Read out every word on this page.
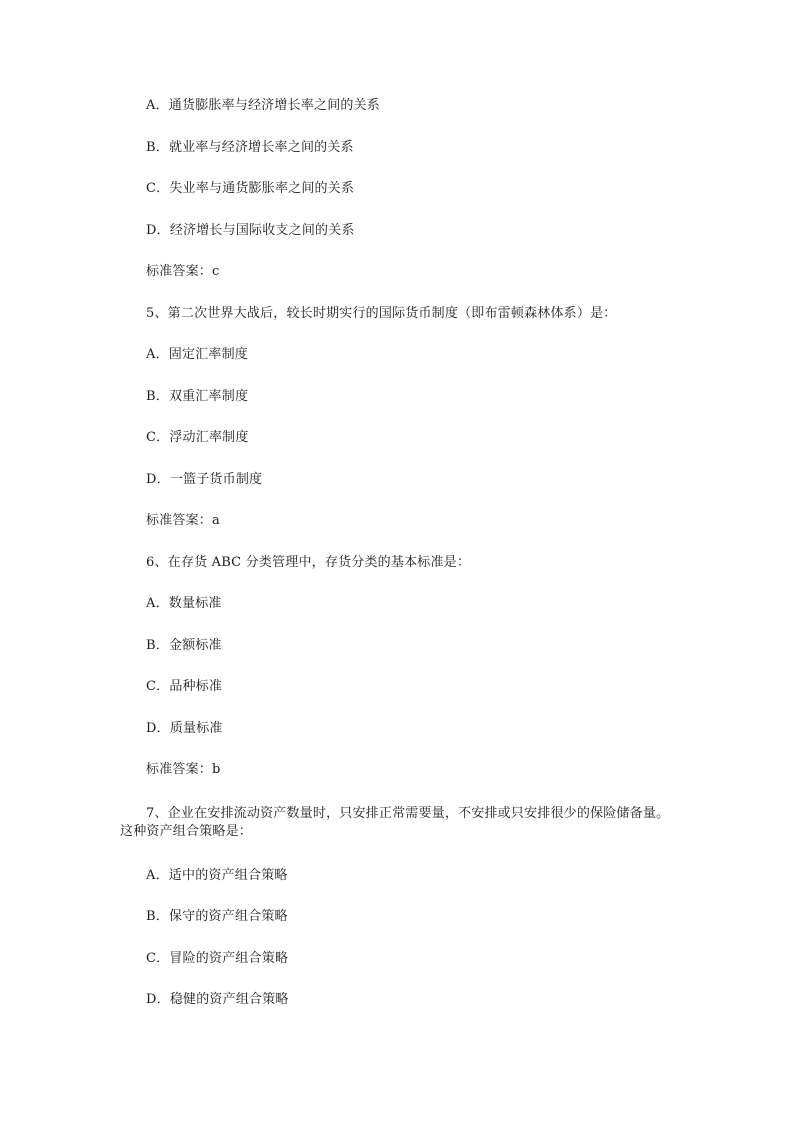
A．通货膨胀率与经济增长率之间的关系
B．就业率与经济增长率之间的关系
C．失业率与通货膨胀率之间的关系
D．经济增长与国际收支之间的关系
标准答案：c
5、第二次世界大战后，较长时期实行的国际货币制度（即布雷顿森林体系）是：
A．固定汇率制度
B．双重汇率制度
C．浮动汇率制度
D．一篮子货币制度
标准答案：a
6、在存货 ABC 分类管理中，存货分类的基本标准是：
A．数量标准
B．金额标准
C．品种标准
D．质量标准
标准答案：b
7、企业在安排流动资产数量时，只安排正常需要量，不安排或只安排很少的保险储备量。这种资产组合策略是：
A．适中的资产组合策略
B．保守的资产组合策略
C．冒险的资产组合策略
D．稳健的资产组合策略
